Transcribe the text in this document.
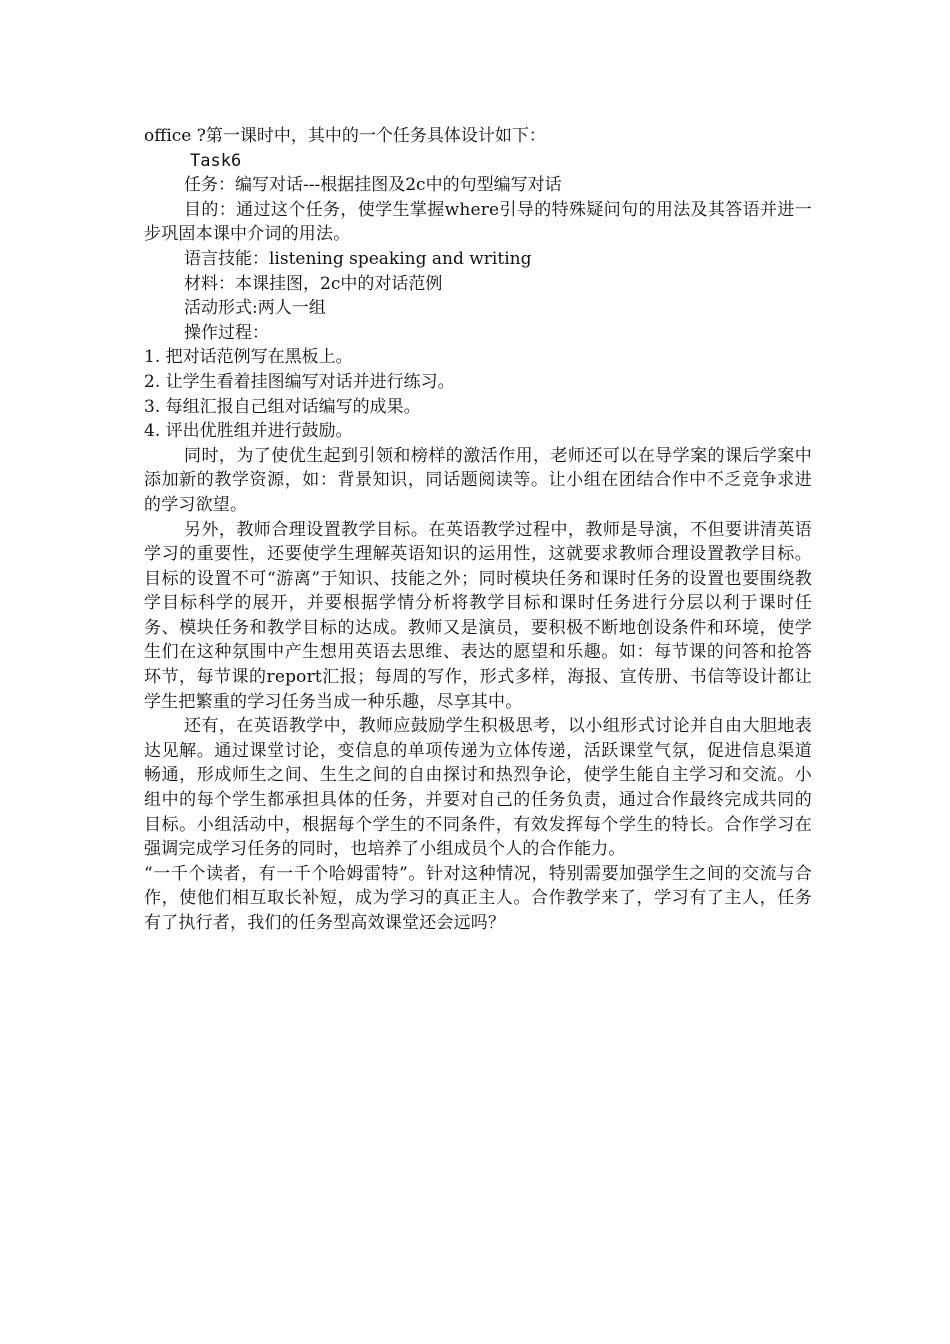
office ?第一课时中，其中的一个任务具体设计如下：
Task6
任务：编写对话---根据挂图及2c中的句型编写对话
目的：通过这个任务，使学生掌握where引导的特殊疑问句的用法及其答语并进一步巩固本课中介词的用法。
语言技能：listening speaking and writing
材料：本课挂图，2c中的对话范例
活动形式:两人一组
操作过程：
1. 把对话范例写在黑板上。
2. 让学生看着挂图编写对话并进行练习。
3. 每组汇报自己组对话编写的成果。
4. 评出优胜组并进行鼓励。
同时，为了使优生起到引领和榜样的激活作用，老师还可以在导学案的课后学案中添加新的教学资源，如：背景知识，同话题阅读等。让小组在团结合作中不乏竞争求进的学习欲望。
另外，教师合理设置教学目标。在英语教学过程中，教师是导演，不但要讲清英语学习的重要性，还要使学生理解英语知识的运用性，这就要求教师合理设置教学目标。目标的设置不可“游离”于知识、技能之外；同时模块任务和课时任务的设置也要围绕教学目标科学的展开，并要根据学情分析将教学目标和课时任务进行分层以利于课时任务、模块任务和教学目标的达成。教师又是演员，要积极不断地创设条件和环境，使学生们在这种氛围中产生想用英语去思维、表达的愿望和乐趣。如：每节课的问答和抢答环节，每节课的report汇报；每周的写作，形式多样，海报、宣传册、书信等设计都让学生把繁重的学习任务当成一种乐趣，尽享其中。
还有，在英语教学中，教师应鼓励学生积极思考，以小组形式讨论并自由大胆地表达见解。通过课堂讨论，变信息的单项传递为立体传递，活跃课堂气氛，促进信息渠道畅通，形成师生之间、生生之间的自由探讨和热烈争论，使学生能自主学习和交流。小组中的每个学生都承担具体的任务，并要对自己的任务负责，通过合作最终完成共同的目标。小组活动中，根据每个学生的不同条件，有效发挥每个学生的特长。合作学习在强调完成学习任务的同时，也培养了小组成员个人的合作能力。
“一千个读者，有一千个哈姆雷特”。针对这种情况，特别需要加强学生之间的交流与合作，使他们相互取长补短，成为学习的真正主人。合作教学来了，学习有了主人，任务有了执行者，我们的任务型高效课堂还会远吗？
